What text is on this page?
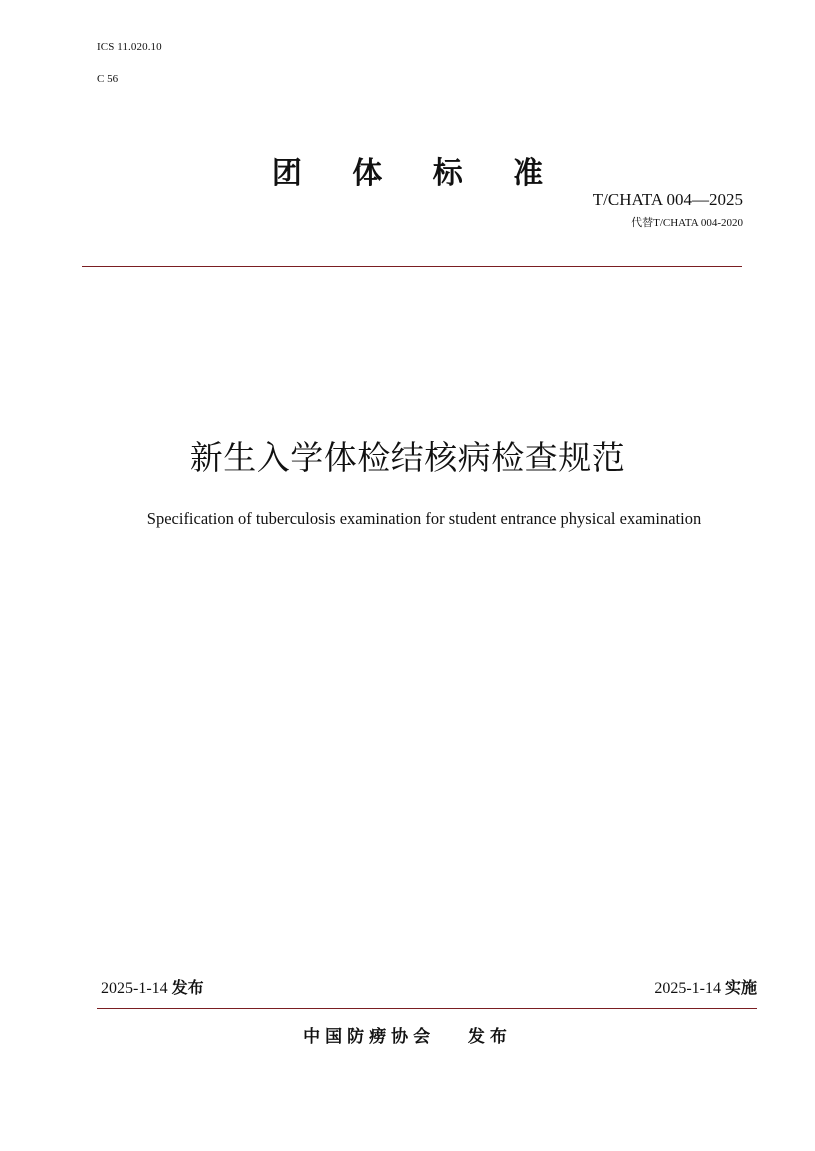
ICS 11.020.10
C 56
团 体 标 准
T/CHATA 004—2025
代替T/CHATA 004-2020
新生入学体检结核病检查规范
Specification of tuberculosis examination for student entrance physical examination
2025-1-14 发布	2025-1-14 实施
中国防痨协会   发布
